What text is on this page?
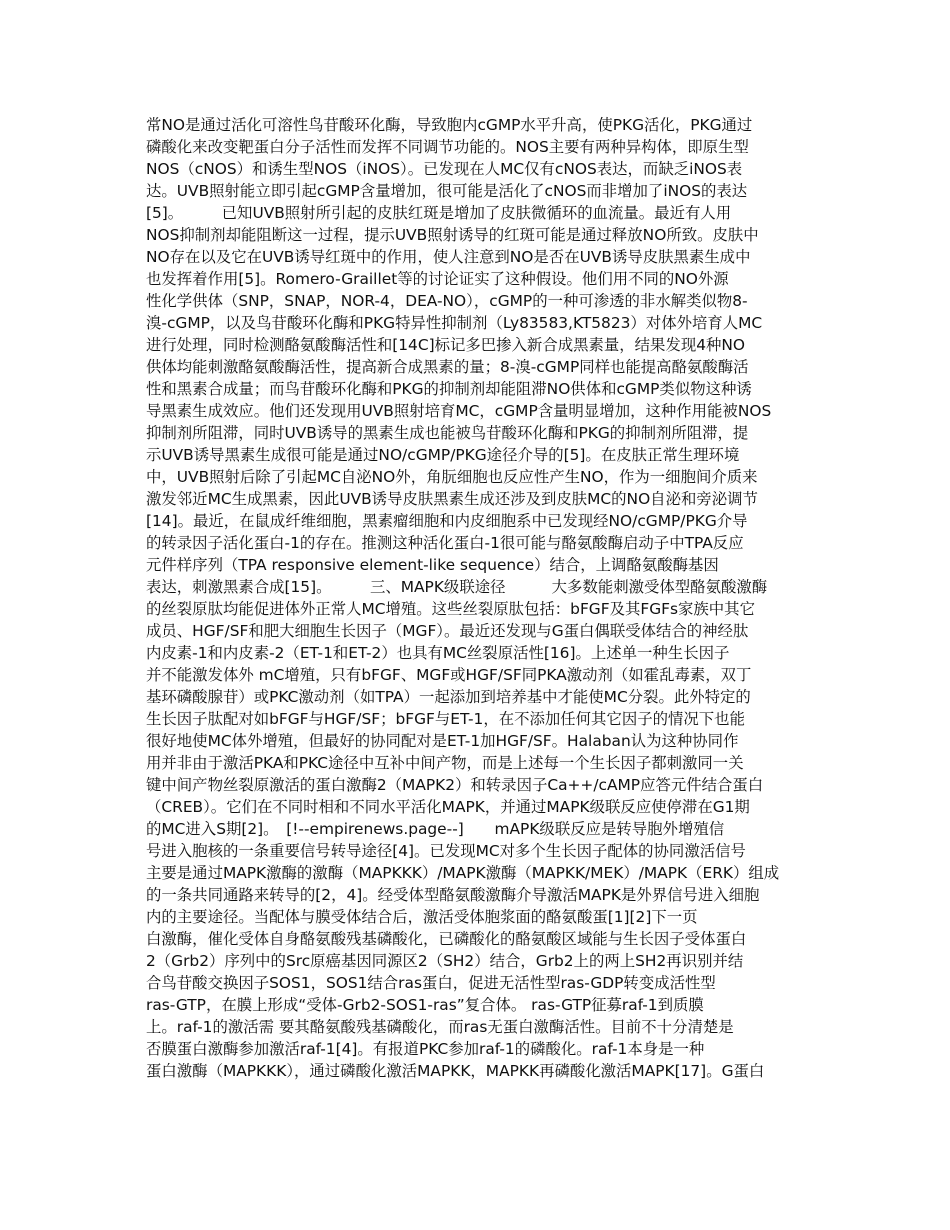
常NO是通过活化可溶性鸟苷酸环化酶，导致胞内cGMP水平升高，使PKG活化，PKG通过
磷酸化来改变靶蛋白分子活性而发挥不同调节功能的。NOS主要有两种异构体，即原生型
NOS（cNOS）和诱生型NOS（iNOS）。已发现在人MC仅有cNOS表达，而缺乏iNOS表
达。UVB照射能立即引起cGMP含量增加，很可能是活化了cNOS而非增加了iNOS的表达
[5]。　　　已知UVB照射所引起的皮肤红斑是增加了皮肤微循环的血流量。最近有人用
NOS抑制剂却能阻断这一过程，提示UVB照射诱导的红斑可能是通过释放NO所致。皮肤中
NO存在以及它在UVB诱导红斑中的作用，使人注意到NO是否在UVB诱导皮肤黑素生成中
也发挥着作用[5]。Romero-Graillet等的讨论证实了这种假设。他们用不同的NO外源
性化学供体（SNP，SNAP，NOR-4，DEA-NO），cGMP的一种可渗透的非水解类似物8-
溴-cGMP，以及鸟苷酸环化酶和PKG特异性抑制剂（Ly83583,KT5823）对体外培育人MC
进行处理，同时检测酪氨酸酶活性和[14C]标记多巴掺入新合成黑素量，结果发现4种NO
供体均能刺激酪氨酸酶活性，提高新合成黑素的量；8-溴-cGMP同样也能提高酪氨酸酶活
性和黑素合成量；而鸟苷酸环化酶和PKG的抑制剂却能阻滞NO供体和cGMP类似物这种诱
导黑素生成效应。他们还发现用UVB照射培育MC，cGMP含量明显增加，这种作用能被NOS
抑制剂所阻滞，同时UVB诱导的黑素生成也能被鸟苷酸环化酶和PKG的抑制剂所阻滞，提
示UVB诱导黑素生成很可能是通过NO/cGMP/PKG途径介导的[5]。在皮肤正常生理环境
中，UVB照射后除了引起MC自泌NO外，角朊细胞也反应性产生NO，作为一细胞间介质来
激发邻近MC生成黑素，因此UVB诱导皮肤黑素生成还涉及到皮肤MC的NO自泌和旁泌调节
[14]。最近，在鼠成纤维细胞，黑素瘤细胞和内皮细胞系中已发现经NO/cGMP/PKG介导
的转录因子活化蛋白-1的存在。推测这种活化蛋白-1很可能与酪氨酸酶启动子中TPA反应
元件样序列（TPA responsive element-like sequence）结合，上调酪氨酸酶基因
表达，刺激黑素合成[15]。　　　三、MAPK级联途径　　　大多数能刺激受体型酪氨酸激酶
的丝裂原肽均能促进体外正常人MC增殖。这些丝裂原肽包括：bFGF及其FGFs家族中其它
成员、HGF/SF和肥大细胞生长因子（MGF）。最近还发现与G蛋白偶联受体结合的神经肽
内皮素-1和内皮素-2（ET-1和ET-2）也具有MC丝裂原活性[16]。上述单一种生长因子
并不能激发体外 mC增殖，只有bFGF、MGF或HGF/SF同PKA激动剂（如霍乱毒素，双丁
基环磷酸腺苷）或PKC激动剂（如TPA）一起添加到培养基中才能使MC分裂。此外特定的
生长因子肽配对如bFGF与HGF/SF；bFGF与ET-1，在不添加任何其它因子的情况下也能
很好地使MC体外增殖，但最好的协同配对是ET-1加HGF/SF。Halaban认为这种协同作
用并非由于激活PKA和PKC途径中互补中间产物，而是上述每一个生长因子都刺激同一关
键中间产物丝裂原激活的蛋白激酶2（MAPK2）和转录因子Ca++/cAMP应答元件结合蛋白
（CREB）。它们在不同时相和不同水平活化MAPK，并通过MAPK级联反应使停滞在G1期
的MC进入S期[2]。　[!--empirenews.page--]　　mAPK级联反应是转导胞外增殖信
号进入胞核的一条重要信号转导途径[4]。已发现MC对多个生长因子配体的协同激活信号
主要是通过MAPK激酶的激酶（MAPKKK）/MAPK激酶（MAPKK/MEK）/MAPK（ERK）组成
的一条共同通路来转导的[2，4]。经受体型酪氨酸激酶介导激活MAPK是外界信号进入细胞
内的主要途径。当配体与膜受体结合后，激活受体胞浆面的酪氨酸蛋[1][2]下一页
白激酶，催化受体自身酪氨酸残基磷酸化，已磷酸化的酪氨酸区域能与生长因子受体蛋白
2（Grb2）序列中的Src原癌基因同源区2（SH2）结合，Grb2上的两上SH2再识别并结
合鸟苷酸交换因子SOS1，SOS1结合ras蛋白，促进无活性型ras-GDP转变成活性型
ras-GTP，在膜上形成“受体-Grb2-SOS1-ras”复合体。 ras-GTP征募raf-1到质膜
上。raf-1的激活需 要其酪氨酸残基磷酸化，而ras无蛋白激酶活性。目前不十分清楚是
否膜蛋白激酶参加激活raf-1[4]。有报道PKC参加raf-1的磷酸化。raf-1本身是一种
蛋白激酶（MAPKKK），通过磷酸化激活MAPKK，MAPKK再磷酸化激活MAPK[17]。G蛋白
